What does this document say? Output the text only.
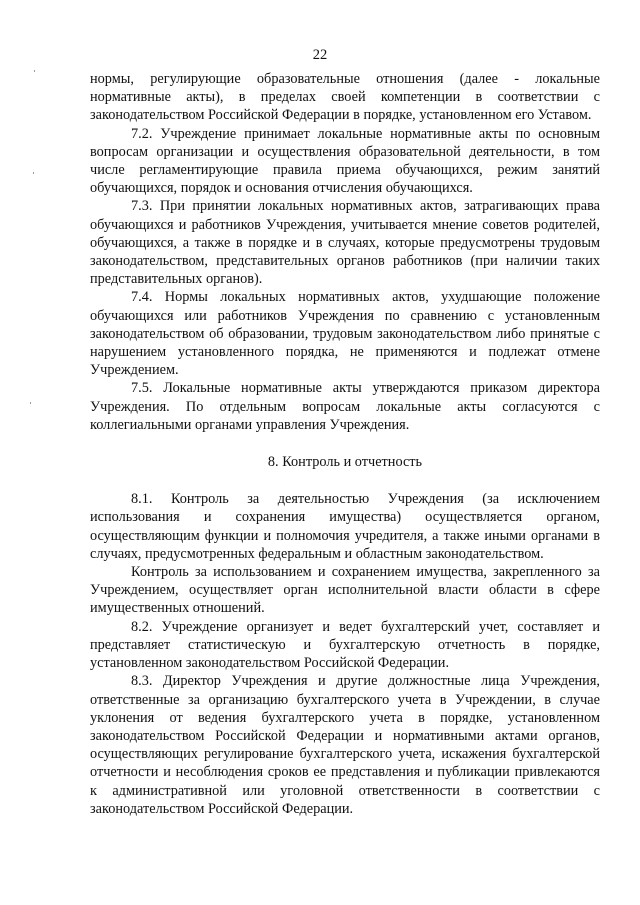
22

нормы, регулирующие образовательные отношения (далее - локальные нормативные акты), в пределах своей компетенции в соответствии с законодательством Российской Федерации в порядке, установленном его Уставом.

7.2. Учреждение принимает локальные нормативные акты по основным вопросам организации и осуществления образовательной деятельности, в том числе регламентирующие правила приема обучающихся, режим занятий обучающихся, порядок и основания отчисления обучающихся.

7.3. При принятии локальных нормативных актов, затрагивающих права обучающихся и работников Учреждения, учитывается мнение советов родителей, обучающихся, а также в порядке и в случаях, которые предусмотрены трудовым законодательством, представительных органов работников (при наличии таких представительных органов).

7.4. Нормы локальных нормативных актов, ухудшающие положение обучающихся или работников Учреждения по сравнению с установленным законодательством об образовании, трудовым законодательством либо принятые с нарушением установленного порядка, не применяются и подлежат отмене Учреждением.

7.5. Локальные нормативные акты утверждаются приказом директора Учреждения. По отдельным вопросам локальные акты согласуются с коллегиальными органами управления Учреждения.

8. Контроль и отчетность

8.1. Контроль за деятельностью Учреждения (за исключением использования и сохранения имущества) осуществляется органом, осуществляющим функции и полномочия учредителя, а также иными органами в случаях, предусмотренных федеральным и областным законодательством.

Контроль за использованием и сохранением имущества, закрепленного за Учреждением, осуществляет орган исполнительной власти области в сфере имущественных отношений.

8.2. Учреждение организует и ведет бухгалтерский учет, составляет и представляет статистическую и бухгалтерскую отчетность в порядке, установленном законодательством Российской Федерации.

8.3. Директор Учреждения и другие должностные лица Учреждения, ответственные за организацию бухгалтерского учета в Учреждении, в случае уклонения от ведения бухгалтерского учета в порядке, установленном законодательством Российской Федерации и нормативными актами органов, осуществляющих регулирование бухгалтерского учета, искажения бухгалтерской отчетности и несоблюдения сроков ее представления и публикации привлекаются к административной или уголовной ответственности в соответствии с законодательством Российской Федерации.
